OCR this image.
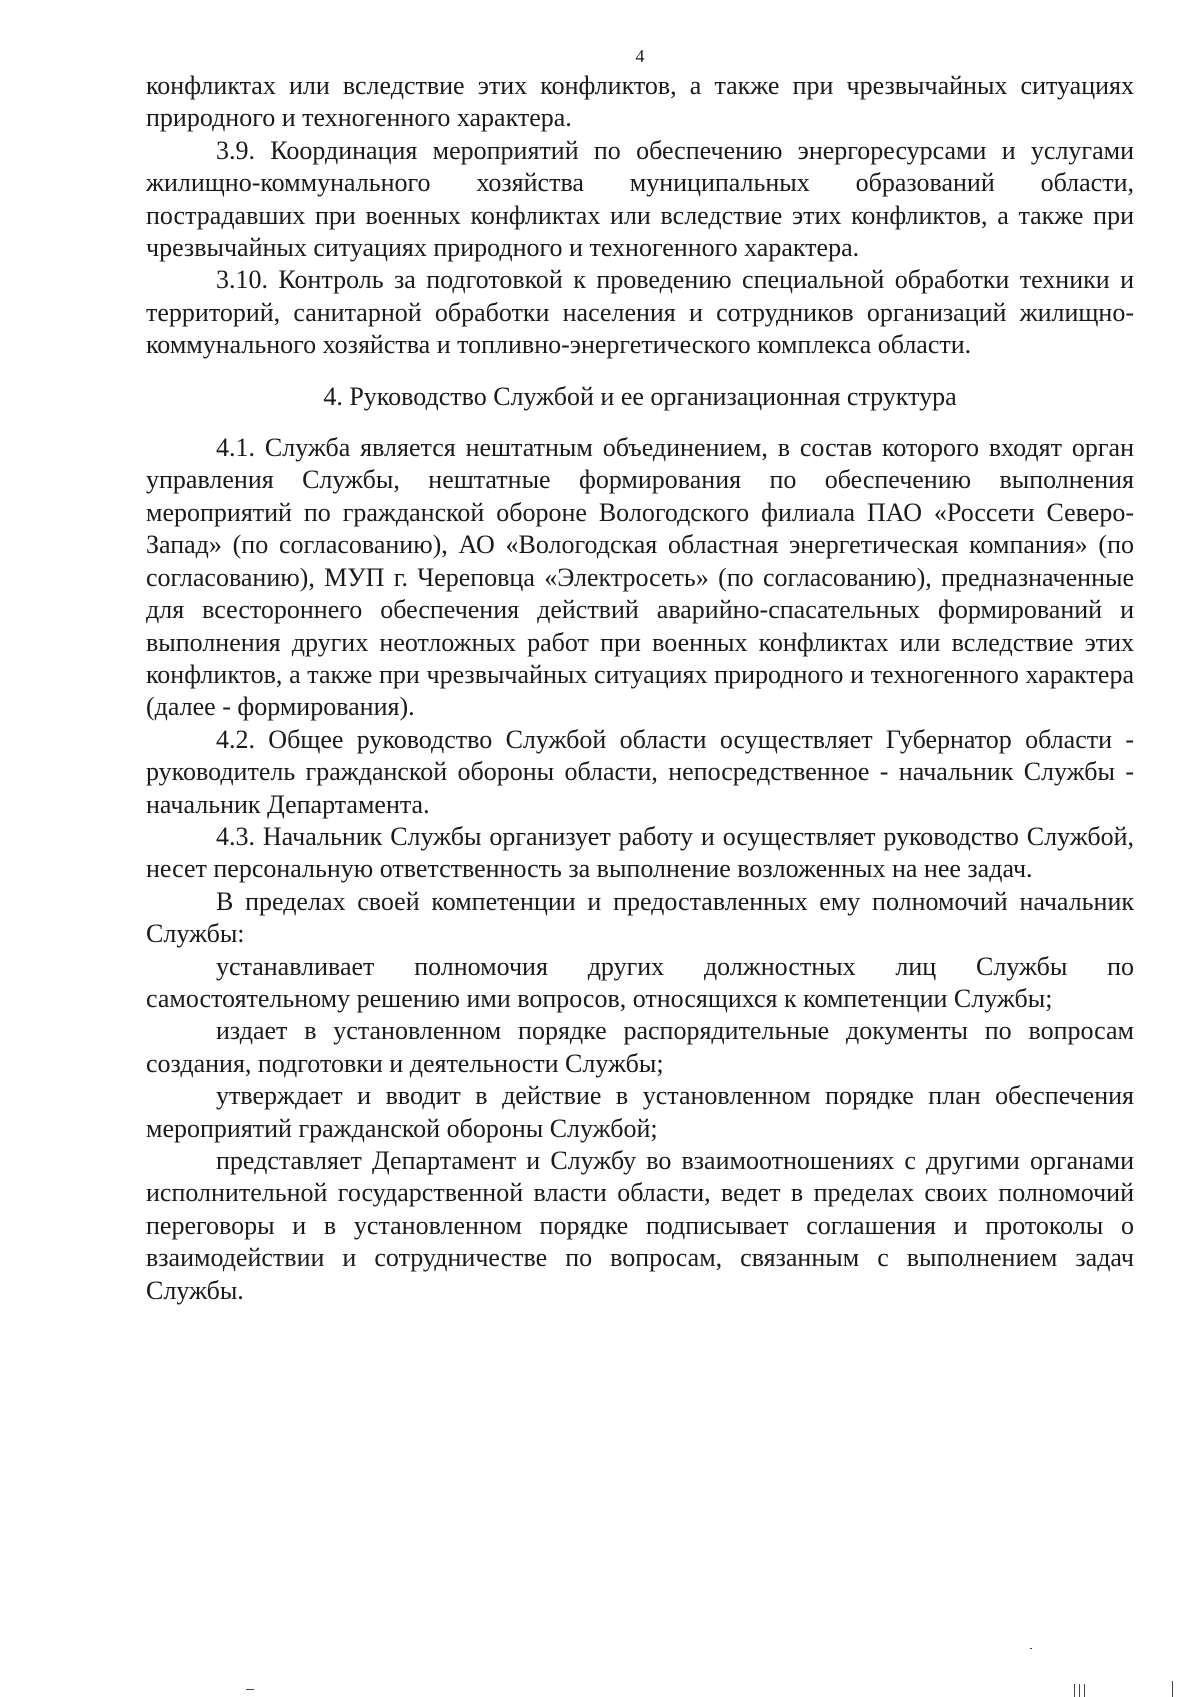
4

конфликтах или вследствие этих конфликтов, а также при чрезвычайных ситуациях природного и техногенного характера.

3.9. Координация мероприятий по обеспечению энергоресурсами и услугами жилищно-коммунального хозяйства муниципальных образований области, пострадавших при военных конфликтах или вследствие этих конфликтов, а также при чрезвычайных ситуациях природного и техногенного характера.

3.10. Контроль за подготовкой к проведению специальной обработки техники и территорий, санитарной обработки населения и сотрудников организаций жилищно-коммунального хозяйства и топливно-энергетического комплекса области.

4. Руководство Службой и ее организационная структура

4.1. Служба является нештатным объединением, в состав которого входят орган управления Службы, нештатные формирования по обеспечению выполнения мероприятий по гражданской обороне Вологодского филиала ПАО «Россети Северо-Запад» (по согласованию), АО «Вологодская областная энергетическая компания» (по согласованию), МУП г. Череповца «Электросеть» (по согласованию), предназначенные для всестороннего обеспечения действий аварийно-спасательных формирований и выполнения других неотложных работ при военных конфликтах или вследствие этих конфликтов, а также при чрезвычайных ситуациях природного и техногенного характера (далее - формирования).

4.2. Общее руководство Службой области осуществляет Губернатор области - руководитель гражданской обороны области, непосредственное - начальник Службы - начальник Департамента.

4.3. Начальник Службы организует работу и осуществляет руководство Службой, несет персональную ответственность за выполнение возложенных на нее задач.

В пределах своей компетенции и предоставленных ему полномочий начальник Службы:

устанавливает полномочия других должностных лиц Службы по самостоятельному решению ими вопросов, относящихся к компетенции Службы;

издает в установленном порядке распорядительные документы по вопросам создания, подготовки и деятельности Службы;

утверждает и вводит в действие в установленном порядке план обеспечения мероприятий гражданской обороны Службой;

представляет Департамент и Службу во взаимоотношениях с другими органами исполнительной государственной власти области, ведет в пределах своих полномочий переговоры и в установленном порядке подписывает соглашения и протоколы о взаимодействии и сотрудничестве по вопросам, связанным с выполнением задач Службы.
